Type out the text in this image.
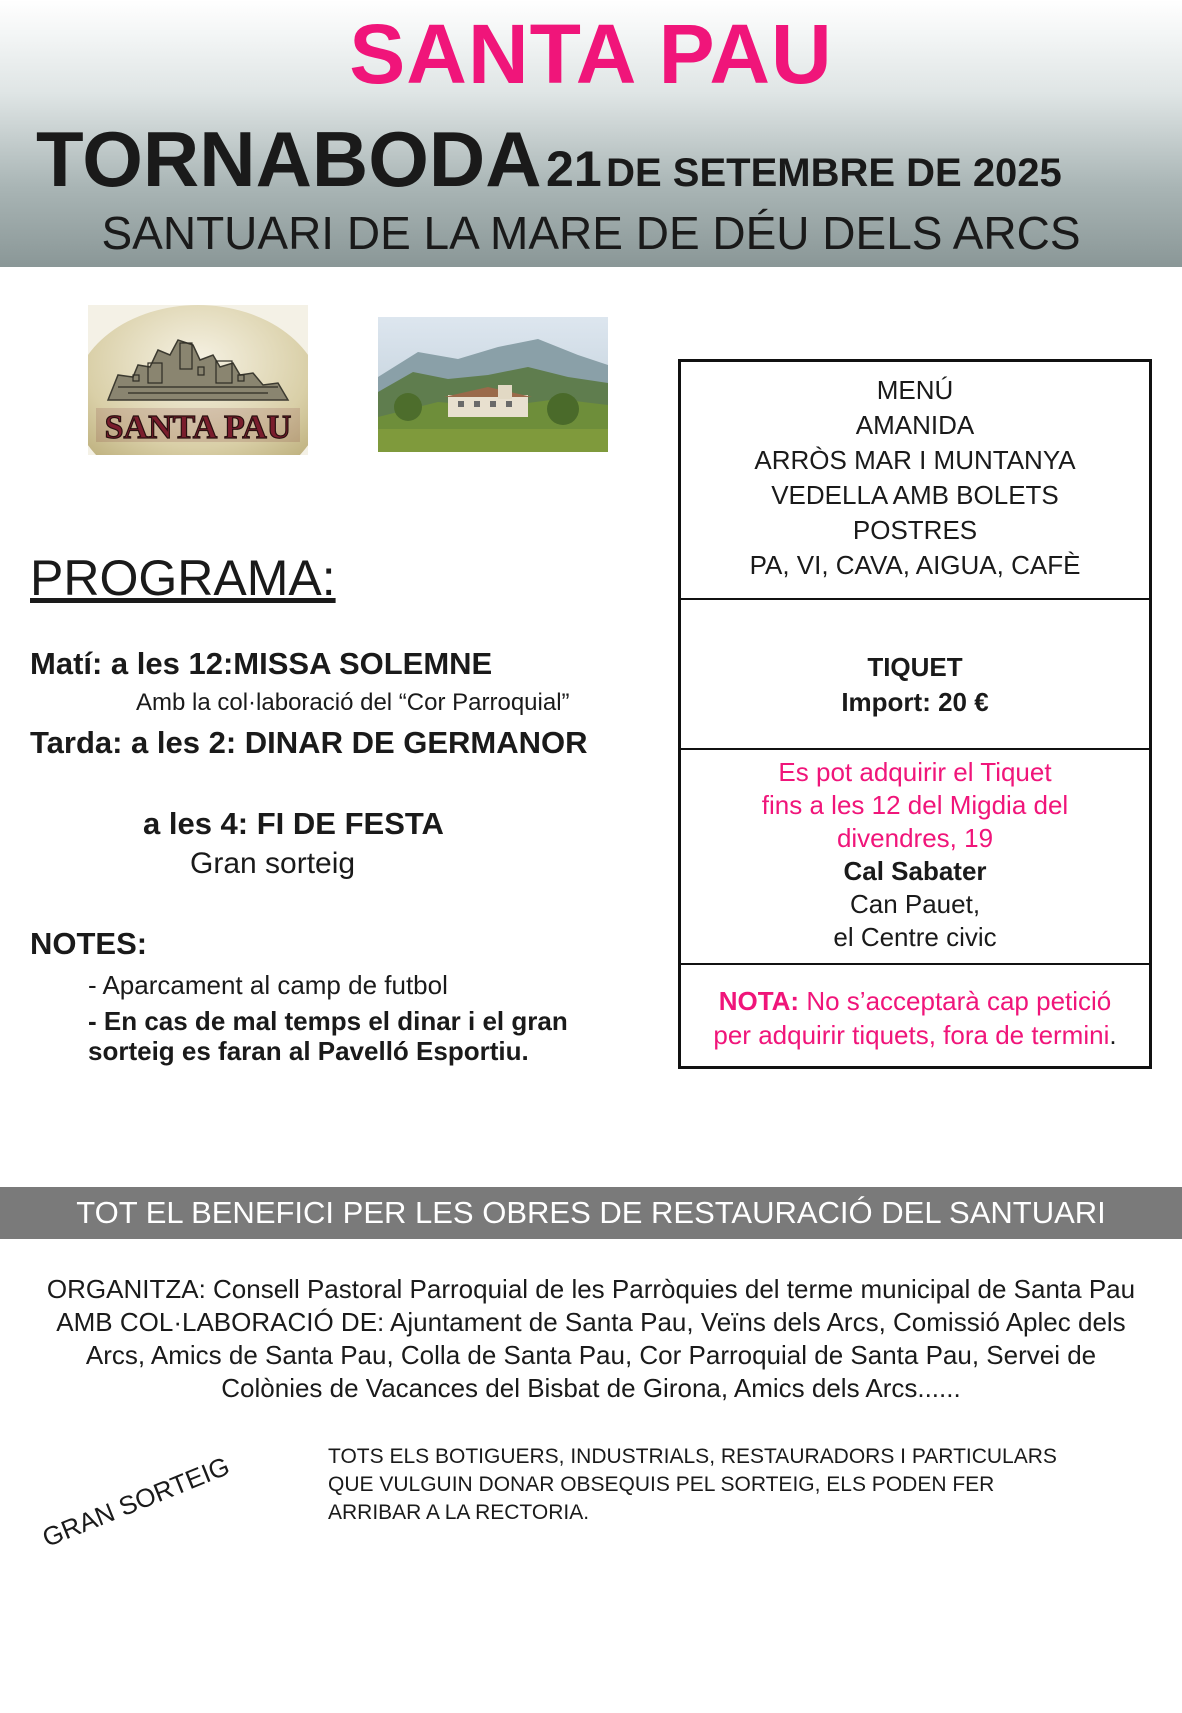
SANTA PAU
TORNABODA 21 DE SETEMBRE DE 2025
SANTUARI DE LA MARE DE DÉU DELS ARCS
SANTA PAU
PROGRAMA:
Matí: a les 12:MISSA SOLEMNE
Amb la col·laboració del “Cor Parroquial”
Tarda: a les 2: DINAR DE GERMANOR
a les 4: FI DE FESTA
Gran sorteig
NOTES:
- Aparcament al camp de futbol
- En cas de mal temps el dinar i el gran sorteig es faran al Pavelló Esportiu.
MENÚ
AMANIDA
ARRÒS MAR I MUNTANYA
VEDELLA AMB BOLETS
POSTRES
PA, VI, CAVA, AIGUA, CAFÈ
TIQUET
Import: 20 €
Es pot adquirir el Tiquet
fins a les 12 del Migdia del
divendres, 19
Cal Sabater
Can Pauet,
el Centre civic
NOTA: No s’acceptarà cap petició
per adquirir tiquets, fora de termini.
TOT EL BENEFICI PER LES OBRES DE RESTAURACIÓ DEL SANTUARI
ORGANITZA: Consell Pastoral Parroquial de les Parròquies del terme municipal de Santa Pau
AMB COL·LABORACIÓ DE: Ajuntament de Santa Pau, Veïns dels Arcs, Comissió Aplec dels
Arcs, Amics de Santa Pau, Colla de Santa Pau, Cor Parroquial de Santa Pau, Servei de
Colònies de Vacances del Bisbat de Girona, Amics dels Arcs......
GRAN SORTEIG	TOTS ELS BOTIGUERS, INDUSTRIALS, RESTAURADORS I PARTICULARS
QUE VULGUIN DONAR OBSEQUIS PEL SORTEIG, ELS PODEN FER
ARRIBAR A LA RECTORIA.
